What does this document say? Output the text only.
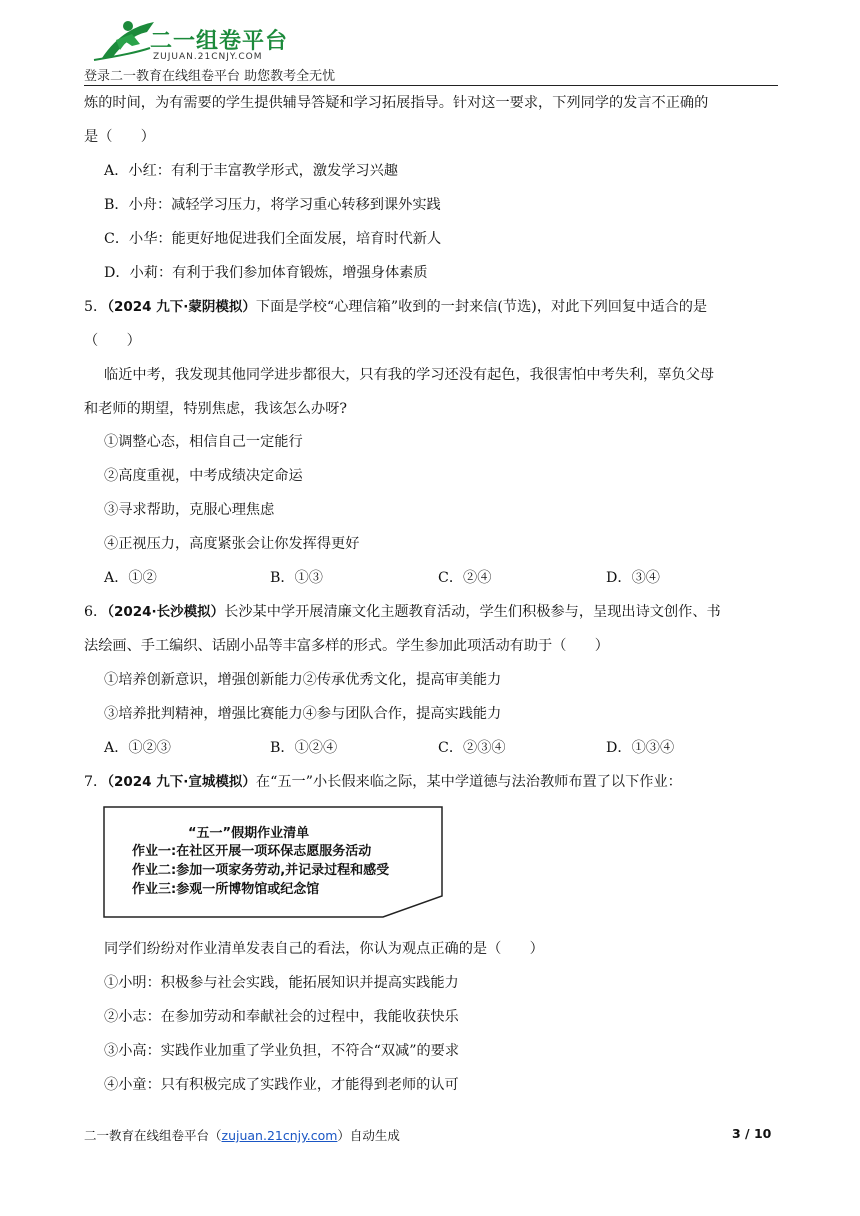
二一组卷平台
ZUJUAN.21CNJY.COM
登录二一教育在线组卷平台 助您教考全无忧
炼的时间，为有需要的学生提供辅导答疑和学习拓展指导。针对这一要求，下列同学的发言不正确的
是（　　）
A．小红：有利于丰富教学形式，激发学习兴趣
B．小舟：减轻学习压力，将学习重心转移到课外实践
C．小华：能更好地促进我们全面发展，培育时代新人
D．小莉：有利于我们参加体育锻炼，增强身体素质
5．（2024 九下·蒙阴模拟）下面是学校“心理信箱”收到的一封来信(节选)，对此下列回复中适合的是
（　　）
临近中考，我发现其他同学进步都很大，只有我的学习还没有起色，我很害怕中考失利，辜负父母
和老师的期望，特别焦虑，我该怎么办呀?
①调整心态，相信自己一定能行
②高度重视，中考成绩决定命运
③寻求帮助，克服心理焦虑
④正视压力，高度紧张会让你发挥得更好
A．①②	B．①③	C．②④	D．③④
6．（2024·长沙模拟）长沙某中学开展清廉文化主题教育活动，学生们积极参与，呈现出诗文创作、书
法绘画、手工编织、话剧小品等丰富多样的形式。学生参加此项活动有助于（　　）
①培养创新意识，增强创新能力②传承优秀文化，提高审美能力
③培养批判精神，增强比赛能力④参与团队合作，提高实践能力
A．①②③	B．①②④	C．②③④	D．①③④
7．（2024 九下·宣城模拟）在“五一”小长假来临之际，某中学道德与法治教师布置了以下作业：
“五一”假期作业清单
作业一:在社区开展一项环保志愿服务活动
作业二:参加一项家务劳动,并记录过程和感受
作业三:参观一所博物馆或纪念馆
同学们纷纷对作业清单发表自己的看法，你认为观点正确的是（　　）
①小明：积极参与社会实践，能拓展知识并提高实践能力
②小志：在参加劳动和奉献社会的过程中，我能收获快乐
③小高：实践作业加重了学业负担，不符合“双减”的要求
④小童：只有积极完成了实践作业，才能得到老师的认可
二一教育在线组卷平台（zujuan.21cnjy.com）自动生成	3 / 10
